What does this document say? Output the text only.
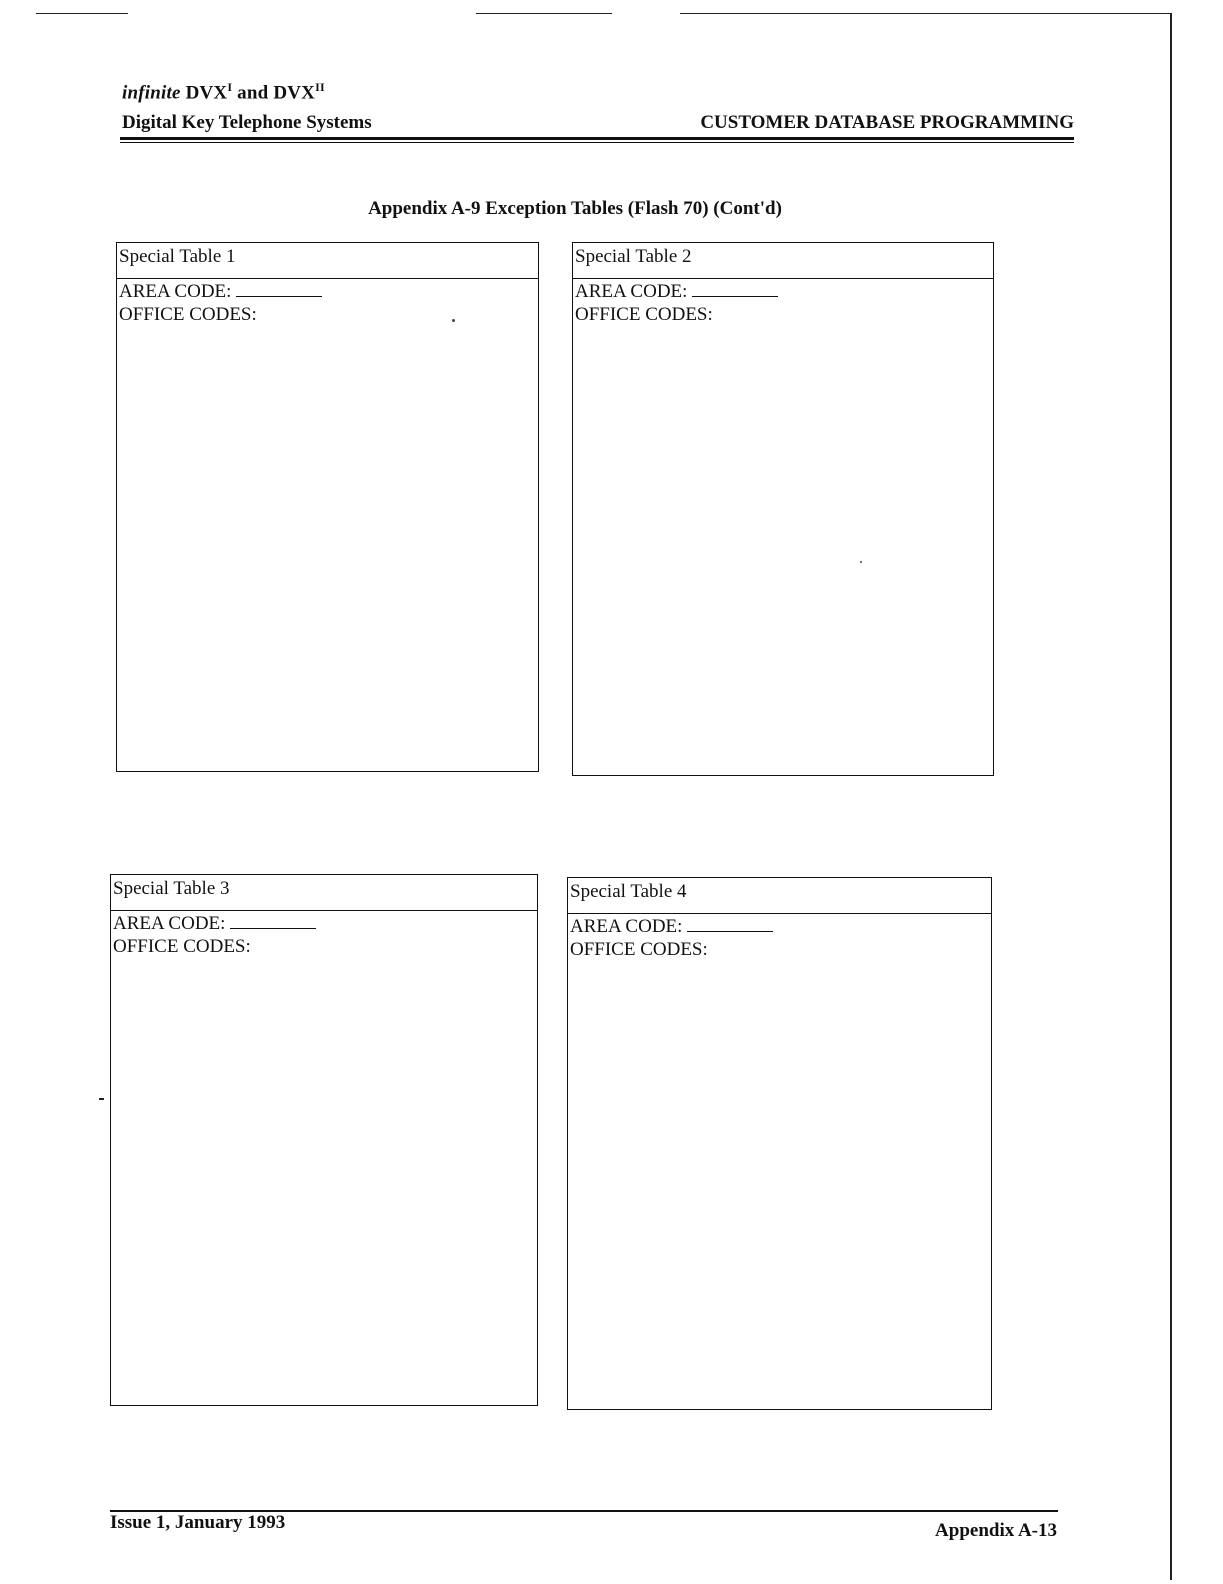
infinite $DVX^I$ and $DVX^{II}$
Digital Key Telephone Systems	CUSTOMER DATABASE PROGRAMMING
Appendix A-9 Exception Tables (Flash 70) (Cont'd)
Special Table 1
AREA CODE:
OFFICE CODES:
Special Table 2
AREA CODE:
OFFICE CODES:
Special Table 3
AREA CODE:
OFFICE CODES:
Special Table 4
AREA CODE:
OFFICE CODES:
Issue 1, January 1993	Appendix A-13
